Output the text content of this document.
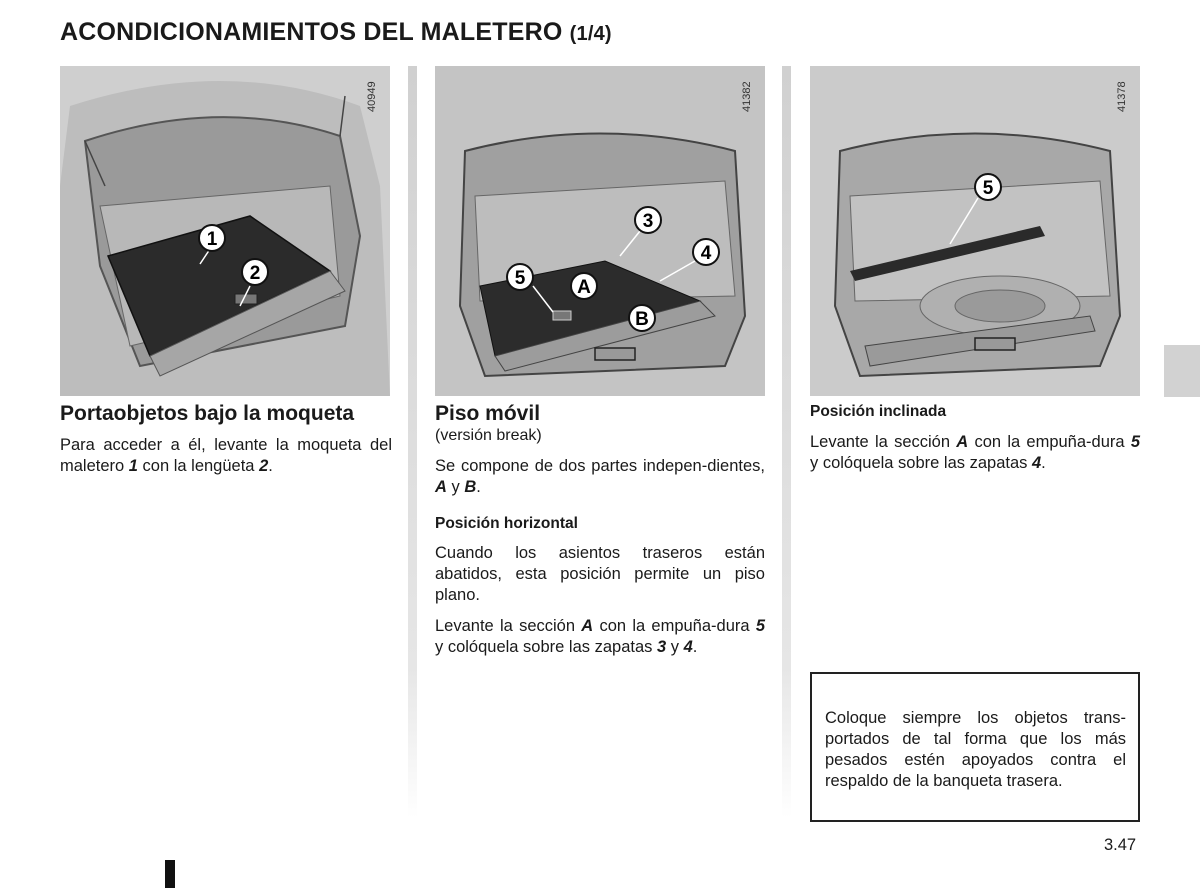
ACONDICIONAMIENTOS DEL MALETERO (1/4)
1
2
40949
3
4
5	A
B
41382
5
41378
Portaobjetos bajo la moqueta
Para acceder a él, levante la moqueta del maletero 1 con la lengüeta 2.
Piso móvil
(versión break)
Se compone de dos partes indepen-dientes, A y B.
Posición horizontal
Cuando los asientos traseros están abatidos, esta posición permite un piso plano.
Levante la sección A con la empuña-dura 5 y colóquela sobre las zapatas 3 y 4.
Posición inclinada
Levante la sección A con la empuña-dura 5 y colóquela sobre las zapatas 4.
Coloque siempre los objetos trans-portados de tal forma que los más pesados estén apoyados contra el respaldo de la banqueta trasera.
3.47
